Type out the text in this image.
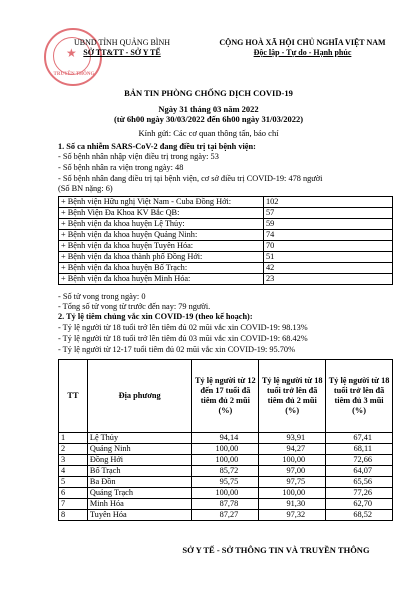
★
TRUYỀN THÔNG
UBND TỈNH QUẢNG BÌNH
SỞ TT&TT - SỞ Y TẾ
CỘNG HOÀ XÃ HỘI CHỦ NGHĨA VIỆT NAM
Độc lập - Tự do - Hạnh phúc
BẢN TIN PHÒNG CHỐNG DỊCH COVID-19
Ngày 31 tháng 03 năm 2022
(từ 6h00 ngày 30/03/2022 đến 6h00 ngày 31/03/2022)
Kính gửi: Các cơ quan thông tấn, báo chí
1. Số ca nhiễm SARS-CoV-2 đang điều trị tại bệnh viện:
- Số bệnh nhân nhập viện điều trị trong ngày: 53
- Số bệnh nhân ra viện trong ngày: 48
- Số bệnh nhân đang điều trị tại bệnh viện, cơ sở điều trị COVID-19: 478 người
(Số BN nặng: 6)
+ Bệnh viện Hữu nghị Việt Nam - Cuba Đồng Hới:	102
+ Bệnh Viện Đa Khoa KV Bắc QB:	57
+ Bệnh viện đa khoa huyện Lệ Thủy:	59
+ Bệnh viện đa khoa huyện Quảng Ninh:	74
+ Bệnh viện đa khoa huyện Tuyên Hóa:	70
+ Bệnh viện đa khoa thành phố Đồng Hới:	51
+ Bệnh viện đa khoa huyện Bố Trạch:	42
+ Bệnh viện đa khoa huyện Minh Hóa:	23
- Số tử vong trong ngày: 0
- Tổng số tử vong từ trước đến nay: 79 người.
2. Tỷ lệ tiêm chủng vắc xin COVID-19 (theo kế hoạch):
- Tỷ lệ người từ 18 tuổi trở lên tiêm đủ 02 mũi vắc xin COVID-19: 98.13%
- Tỷ lệ người từ 18 tuổi trở lên tiêm đủ 03 mũi vắc xin COVID-19: 68.42%
- Tỷ lệ người từ 12-17 tuổi tiêm đủ 02 mũi vắc xin COVID-19: 95.70%
TT	Địa phương	Tỷ lệ người từ 12 đến 17 tuổi đã tiêm đủ 2 mũi (%)	Tỷ lệ người từ 18 tuổi trở lên đã tiêm đủ 2 mũi (%)	Tỷ lệ người từ 18 tuổi trở lên đã tiêm đủ 3 mũi (%)
1	Lệ Thủy	94,14	93,91	67,41
2	Quảng Ninh	100,00	94,27	68,11
3	Đồng Hới	100,00	100,00	72,66
4	Bố Trạch	85,72	97,00	64,07
5	Ba Đồn	95,75	97,75	65,56
6	Quảng Trạch	100,00	100,00	77,26
7	Minh Hóa	87,78	91,30	62,70
8	Tuyên Hóa	87,27	97,32	68,52
SỞ Y TẾ - SỞ THÔNG TIN VÀ TRUYỀN THÔNG
